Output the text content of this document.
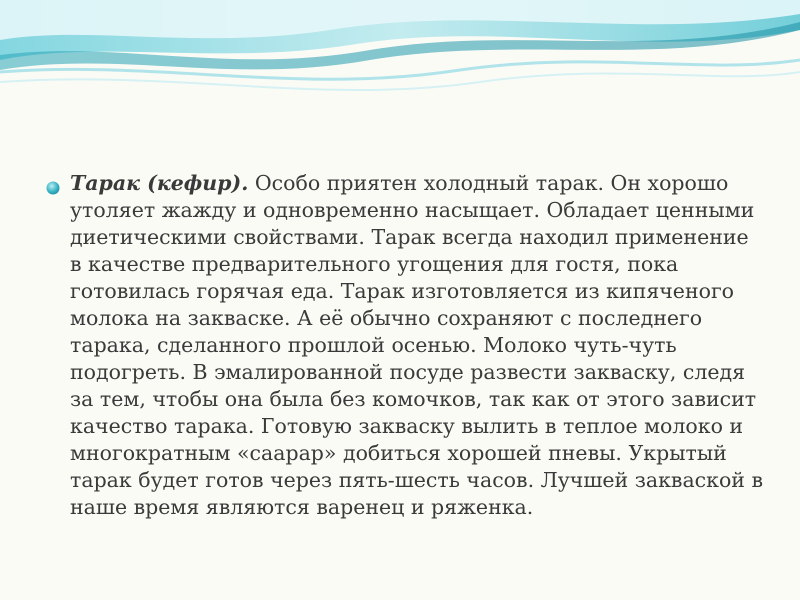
Тарак (кефир). Особо приятен холодный тарак. Он хорошо утоляет жажду и одновременно насыщает. Обладает ценными диетическими свойствами. Тарак всегда находил применение в качестве предварительного угощения для гостя, пока готовилась горячая еда. Тарак изготовляется из кипяченого молока на закваске. А её обычно сохраняют с последнего тарака, сделанного прошлой осенью. Молоко чуть-чуть подогреть. В эмалированной посуде развести закваску, следя за тем, чтобы она была без комочков, так как от этого зависит качество тарака. Готовую закваску вылить в теплое молоко и многократным «саарар» добиться хорошей пневы. Укрытый тарак будет готов через пять-шесть часов. Лучшей закваской в наше время являются варенец и ряженка.
